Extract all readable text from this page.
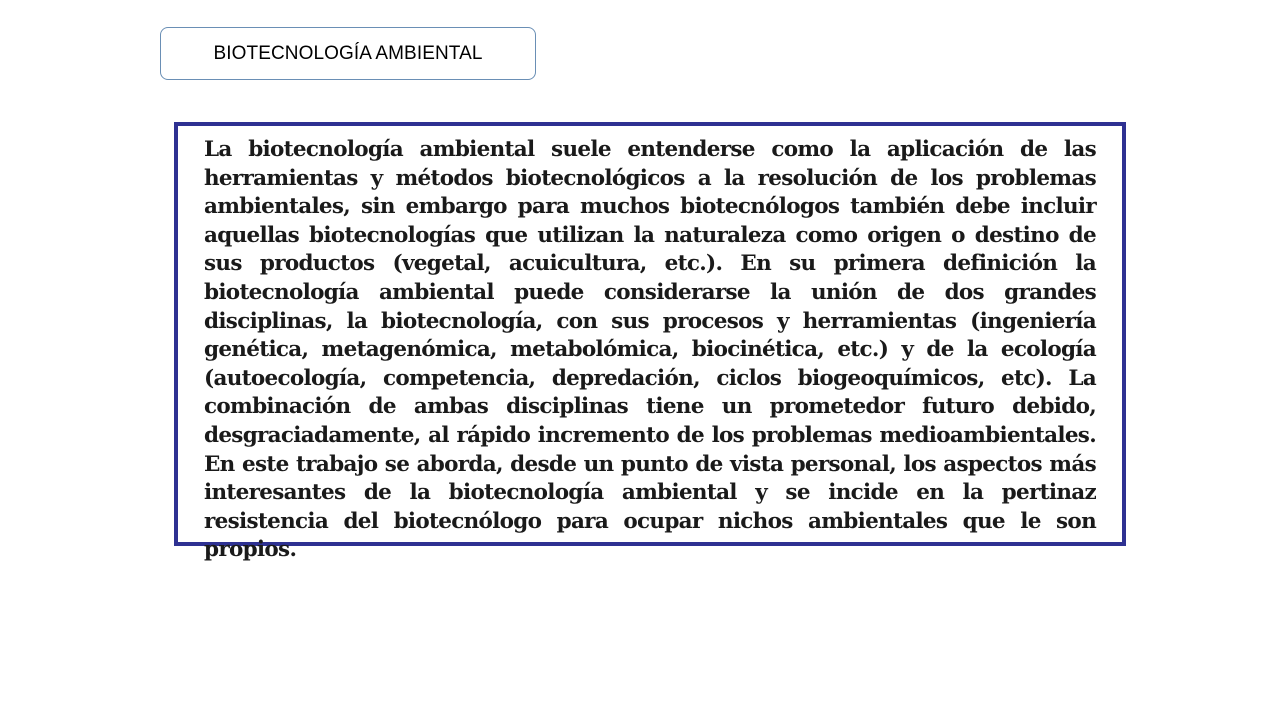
BIOTECNOLOGÍA AMBIENTAL

La biotecnología ambiental suele entenderse como la aplicación de las herramientas y métodos biotecnológicos a la resolución de los problemas ambientales, sin embargo para muchos biotecnólogos también debe incluir aquellas biotecnologías que utilizan la naturaleza como origen o destino de sus productos (vegetal, acuicultura, etc.). En su primera definición la biotecnología ambiental puede considerarse la unión de dos grandes disciplinas, la biotecnología, con sus procesos y herramientas (ingeniería genética, metagenómica, metabolómica, biocinética, etc.) y de la ecología (autoecología, competencia, depredación, ciclos biogeoquímicos, etc). La combinación de ambas disciplinas tiene un prometedor futuro debido, desgraciadamente, al rápido incremento de los problemas medioambientales. En este trabajo se aborda, desde un punto de vista personal, los aspectos más interesantes de la biotecnología ambiental y se incide en la pertinaz resistencia del biotecnólogo para ocupar nichos ambientales que le son propios.
